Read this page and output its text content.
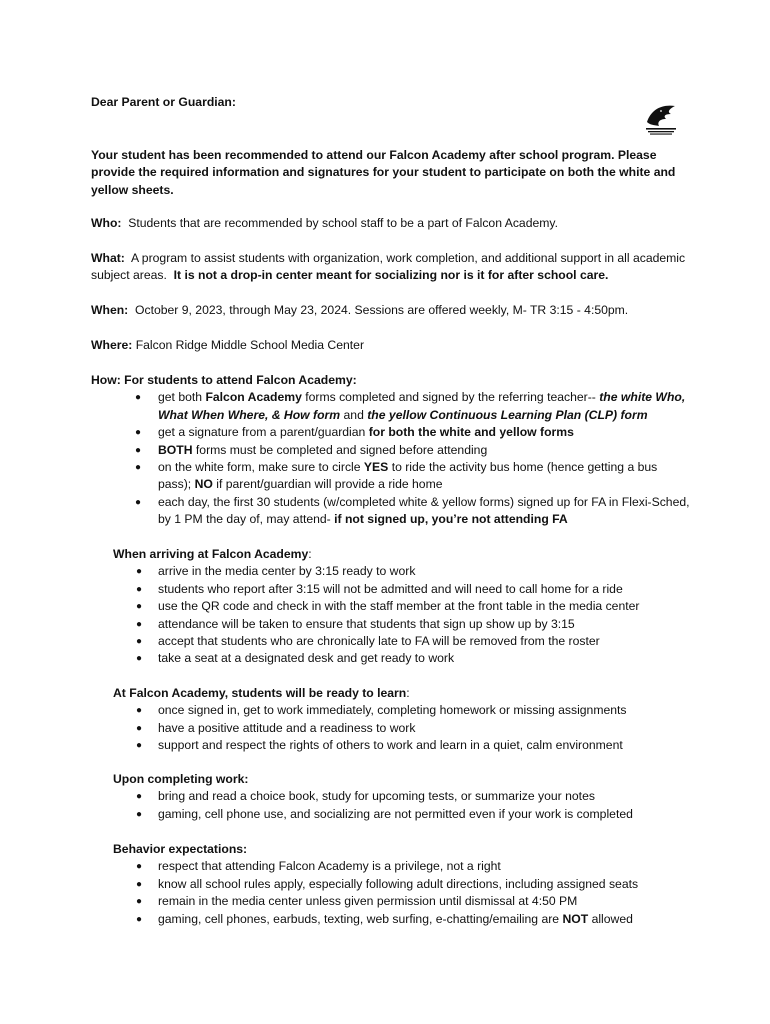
Dear Parent or Guardian:
Your student has been recommended to attend our Falcon Academy after school program. Please provide the required information and signatures for your student to participate on both the white and yellow sheets.
Who: Students that are recommended by school staff to be a part of Falcon Academy.
What: A program to assist students with organization, work completion, and additional support in all academic subject areas. It is not a drop-in center meant for socializing nor is it for after school care.
When: October 9, 2023, through May 23, 2024. Sessions are offered weekly, M- TR 3:15 - 4:50pm.
Where: Falcon Ridge Middle School Media Center
How: For students to attend Falcon Academy:
● get both Falcon Academy forms completed and signed by the referring teacher-- the white Who, What When Where, & How form and the yellow Continuous Learning Plan (CLP) form
● get a signature from a parent/guardian for both the white and yellow forms
● BOTH forms must be completed and signed before attending
● on the white form, make sure to circle YES to ride the activity bus home (hence getting a bus pass); NO if parent/guardian will provide a ride home
● each day, the first 30 students (w/completed white & yellow forms) signed up for FA in Flexi-Sched, by 1 PM the day of, may attend- if not signed up, you’re not attending FA
When arriving at Falcon Academy:
● arrive in the media center by 3:15 ready to work
● students who report after 3:15 will not be admitted and will need to call home for a ride
● use the QR code and check in with the staff member at the front table in the media center
● attendance will be taken to ensure that students that sign up show up by 3:15
● accept that students who are chronically late to FA will be removed from the roster
● take a seat at a designated desk and get ready to work
At Falcon Academy, students will be ready to learn:
● once signed in, get to work immediately, completing homework or missing assignments
● have a positive attitude and a readiness to work
● support and respect the rights of others to work and learn in a quiet, calm environment
Upon completing work:
● bring and read a choice book, study for upcoming tests, or summarize your notes
● gaming, cell phone use, and socializing are not permitted even if your work is completed
Behavior expectations:
● respect that attending Falcon Academy is a privilege, not a right
● know all school rules apply, especially following adult directions, including assigned seats
● remain in the media center unless given permission until dismissal at 4:50 PM
● gaming, cell phones, earbuds, texting, web surfing, e-chatting/emailing are NOT allowed
